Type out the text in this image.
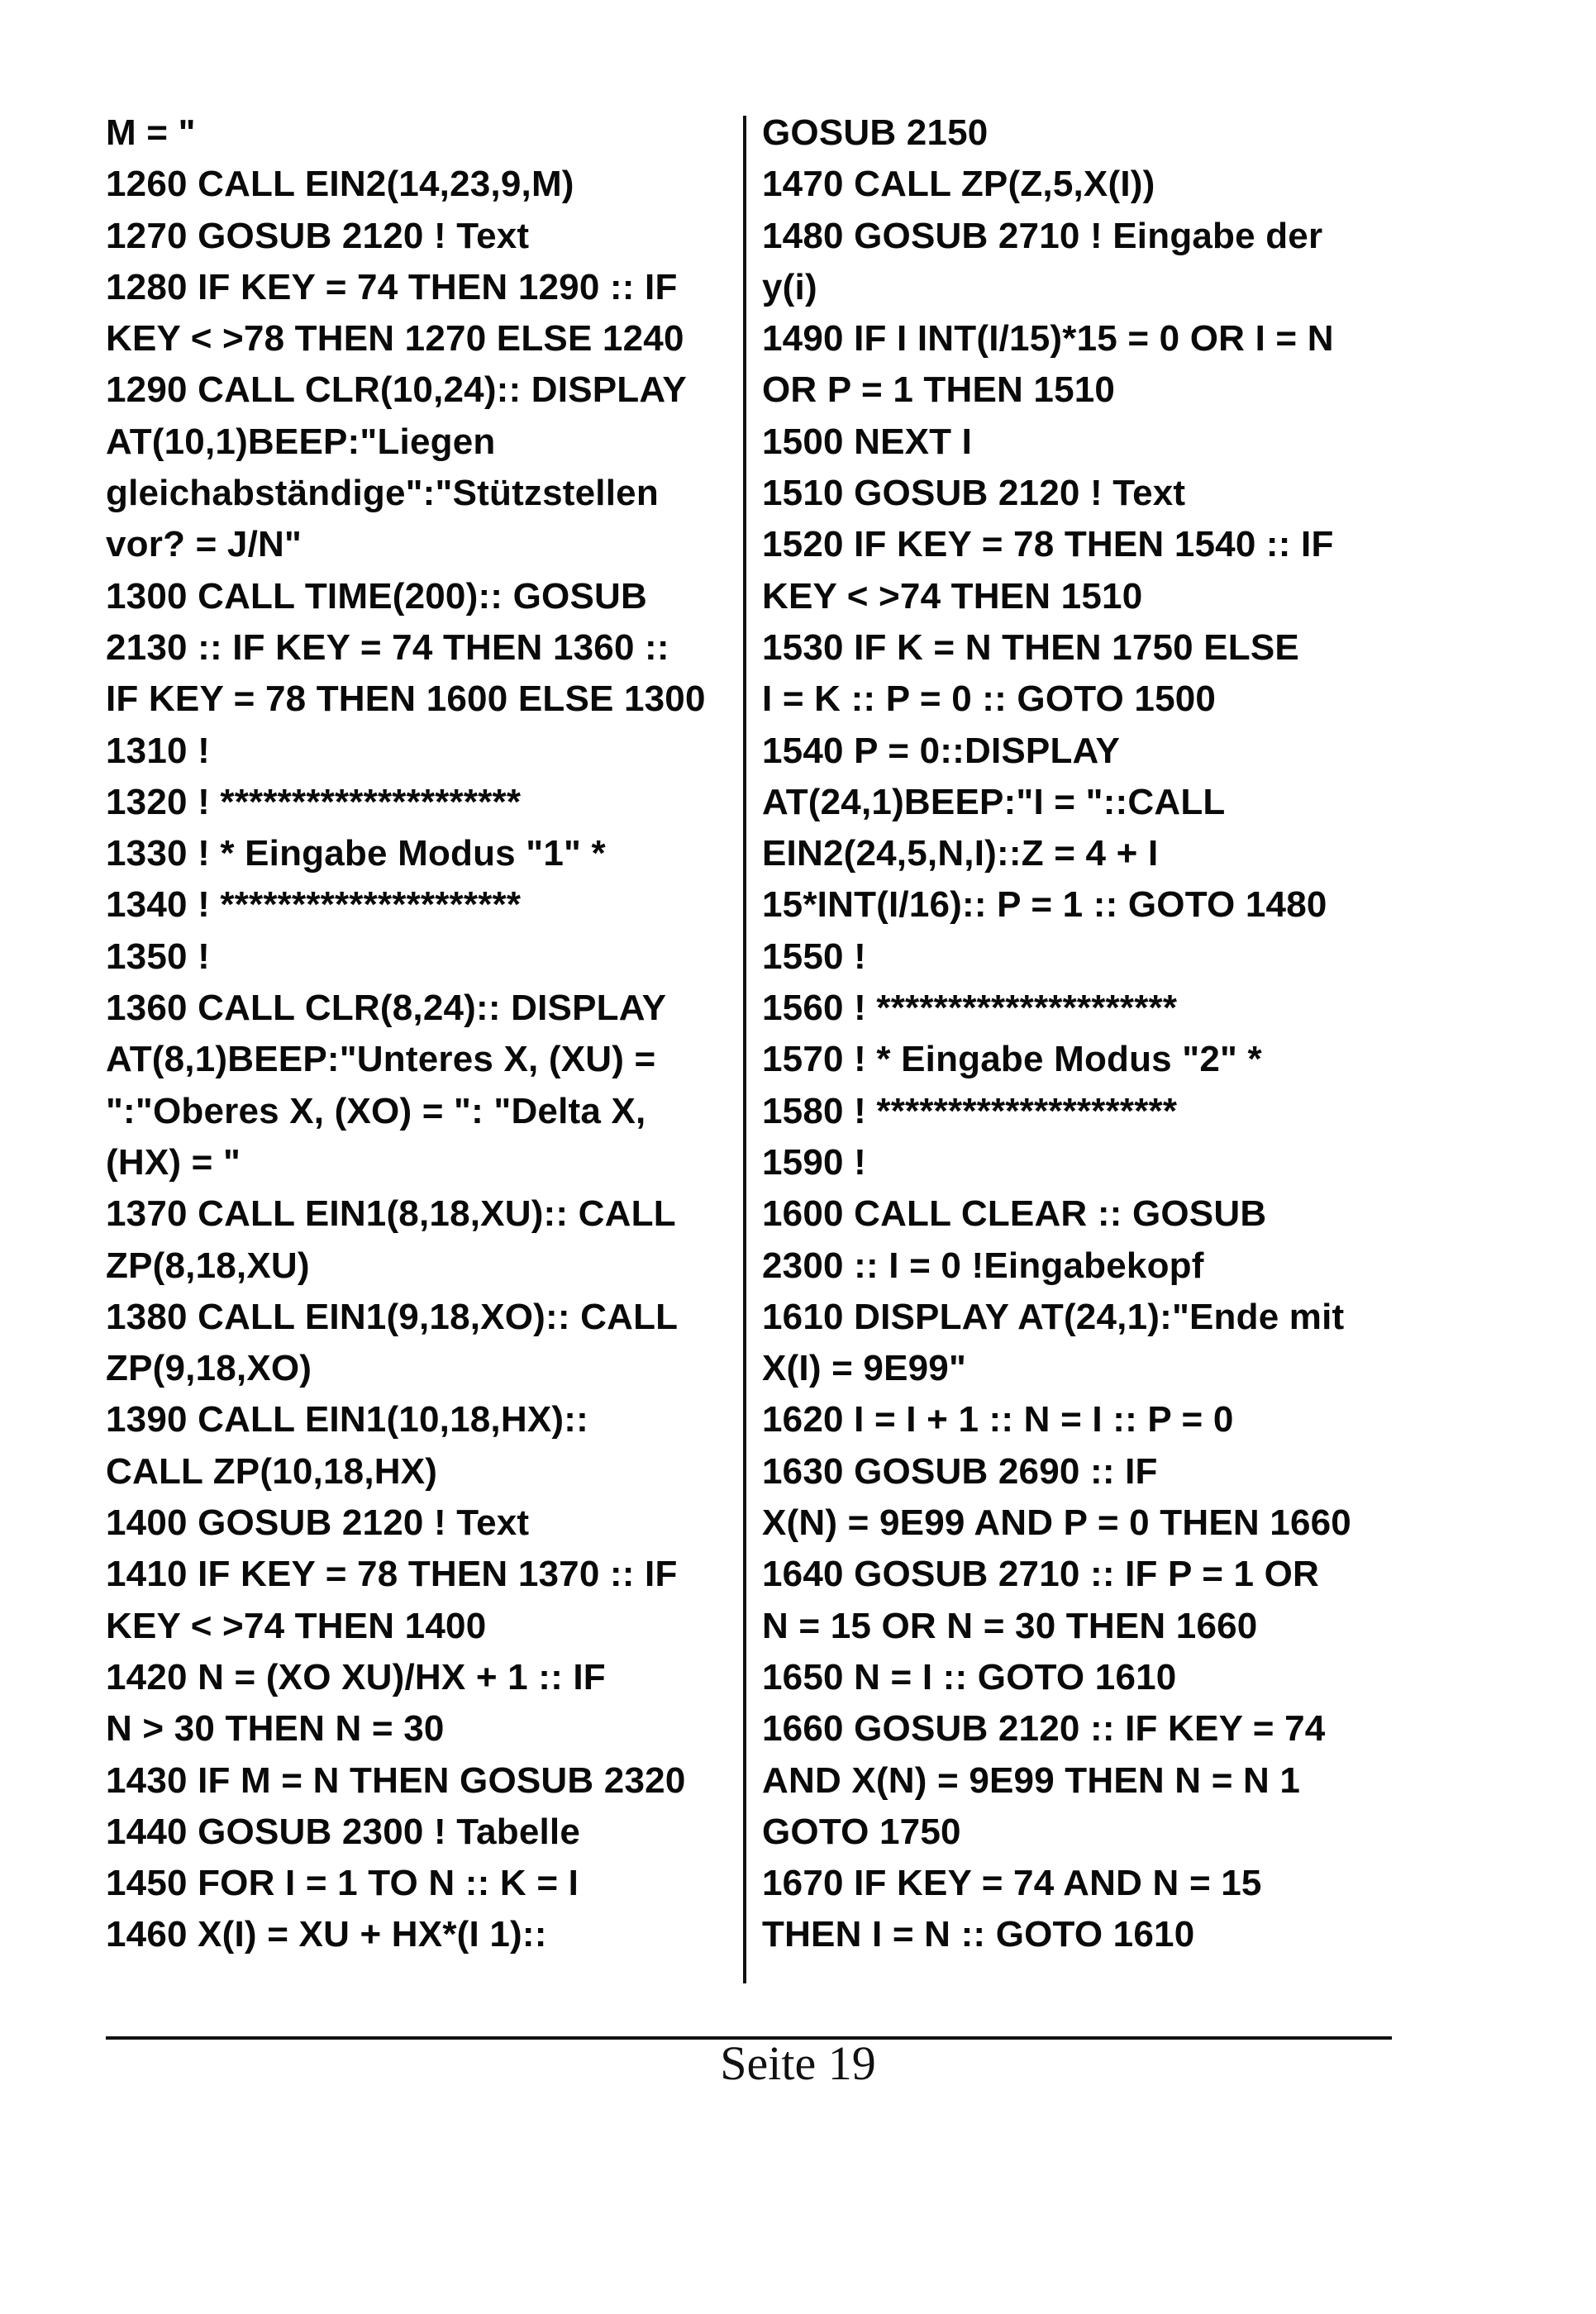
M = "
1260 CALL EIN2(14,23,9,M)
1270 GOSUB 2120 ! Text
1280 IF KEY = 74 THEN 1290 :: IF
KEY < >78 THEN 1270 ELSE 1240
1290 CALL CLR(10,24):: DISPLAY
AT(10,1)BEEP:"Liegen
gleichabständige":"Stützstellen
vor? = J/N"
1300 CALL TIME(200):: GOSUB
2130 :: IF KEY = 74 THEN 1360 ::
IF KEY = 78 THEN 1600 ELSE 1300
1310 !
1320 ! *********************
1330 ! * Eingabe Modus "1" *
1340 ! *********************
1350 !
1360 CALL CLR(8,24):: DISPLAY
AT(8,1)BEEP:"Unteres X, (XU) =
":"Oberes X, (XO) = ": "Delta X,
(HX) = "
1370 CALL EIN1(8,18,XU):: CALL
ZP(8,18,XU)
1380 CALL EIN1(9,18,XO):: CALL
ZP(9,18,XO)
1390 CALL EIN1(10,18,HX)::
CALL ZP(10,18,HX)
1400 GOSUB 2120 ! Text
1410 IF KEY = 78 THEN 1370 :: IF
KEY < >74 THEN 1400
1420 N = (XO XU)/HX + 1 :: IF
N > 30 THEN N = 30
1430 IF M = N THEN GOSUB 2320
1440 GOSUB 2300 ! Tabelle
1450 FOR I = 1 TO N :: K = I
1460 X(I) = XU + HX*(I 1)::
GOSUB 2150
1470 CALL ZP(Z,5,X(I))
1480 GOSUB 2710 ! Eingabe der
y(i)
1490 IF I INT(I/15)*15 = 0 OR I = N
OR P = 1 THEN 1510
1500 NEXT I
1510 GOSUB 2120 ! Text
1520 IF KEY = 78 THEN 1540 :: IF
KEY < >74 THEN 1510
1530 IF K = N THEN 1750 ELSE
I = K :: P = 0 :: GOTO 1500
1540 P = 0::DISPLAY
AT(24,1)BEEP:"I = "::CALL
EIN2(24,5,N,I)::Z = 4 + I
15*INT(I/16):: P = 1 :: GOTO 1480
1550 !
1560 ! *********************
1570 ! * Eingabe Modus "2" *
1580 ! *********************
1590 !
1600 CALL CLEAR :: GOSUB
2300 :: I = 0 !Eingabekopf
1610 DISPLAY AT(24,1):"Ende mit
X(I) = 9E99"
1620 I = I + 1 :: N = I :: P = 0
1630 GOSUB 2690 :: IF
X(N) = 9E99 AND P = 0 THEN 1660
1640 GOSUB 2710 :: IF P = 1 OR
N = 15 OR N = 30 THEN 1660
1650 N = I :: GOTO 1610
1660 GOSUB 2120 :: IF KEY = 74
AND X(N) = 9E99 THEN N = N 1
GOTO 1750
1670 IF KEY = 74 AND N = 15
THEN I = N :: GOTO 1610
Seite 19
